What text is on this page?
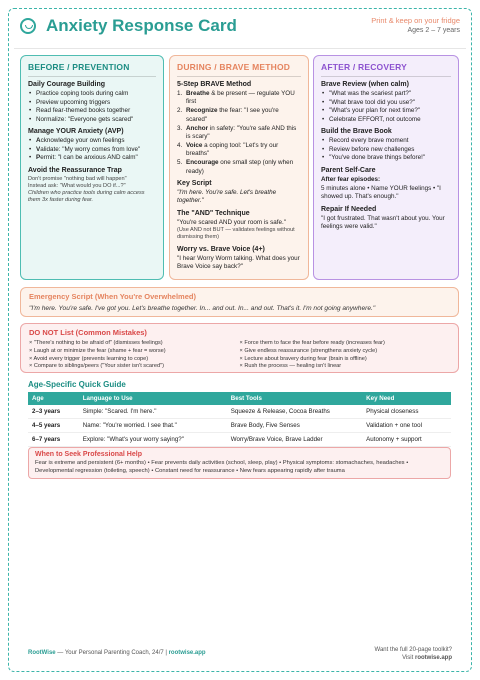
Anxiety Response Card	Print & keep on your fridge
Ages 2 – 7 years
BEFORE / PREVENTION
Daily Courage Building
• Practice coping tools during calm
• Preview upcoming triggers
• Read fear-themed books together
• Normalize: "Everyone gets scared"
Manage YOUR Anxiety (AVP)
• Acknowledge your own feelings
• Validate: "My worry comes from love"
• Permit: "I can be anxious AND calm"
Avoid the Reassurance Trap
Don't promise "nothing bad will happen"
Instead ask: "What would you DO if...?"
Children who practice tools during calm access them 3x faster during fear.
DURING / BRAVE METHOD
5-Step BRAVE Method
1. Breathe & be present — regulate YOU first
2. Recognize the fear: "I see you're scared"
3. Anchor in safety: "You're safe AND this is scary"
4. Voice a coping tool: "Let's try our breaths"
5. Encourage one small step (only when ready)
Key Script
"I'm here. You're safe. Let's breathe together."
The "AND" Technique
"You're scared AND your room is safe."
(Use AND not BUT — validates feelings without dismissing them)
Worry vs. Brave Voice (4+)
"I hear Worry Worm talking. What does your Brave Voice say back?"
AFTER / RECOVERY
Brave Review (when calm)
• "What was the scariest part?"
• "What brave tool did you use?"
• "What's your plan for next time?"
• Celebrate EFFORT, not outcome
Build the Brave Book
• Record every brave moment
• Review before new challenges
• "You've done brave things before!"
Parent Self-Care
After fear episodes:
5 minutes alone • Name YOUR feelings • "I showed up. That's enough."
Repair If Needed
"I got frustrated. That wasn't about you. Your feelings were valid."
Emergency Script (When You're Overwhelmed)
"I'm here. You're safe. I've got you. Let's breathe together. In... and out. In... and out. That's it. I'm not going anywhere."
DO NOT List (Common Mistakes)
× "There's nothing to be afraid of" (dismisses feelings)
× Laugh at or minimize the fear (shame + fear = worse)
× Avoid every trigger (prevents learning to cope)
× Compare to siblings/peers ("Your sister isn't scared")
× Force them to face the fear before ready (increases fear)
× Give endless reassurance (strengthens anxiety cycle)
× Lecture about bravery during fear (brain is offline)
× Rush the process — healing isn't linear
Age-Specific Quick Guide
Age	Language to Use	Best Tools	Key Need
2–3 years	Simple: "Scared. I'm here."	Squeeze & Release, Cocoa Breaths	Physical closeness
4–5 years	Name: "You're worried. I see that."	Brave Body, Five Senses	Validation + one tool
6–7 years	Explore: "What's your worry saying?"	Worry/Brave Voice, Brave Ladder	Autonomy + support
When to Seek Professional Help
Fear is extreme and persistent (6+ months) • Fear prevents daily activities (school, sleep, play) • Physical symptoms: stomachaches, headaches • Developmental regression (toileting, speech) • Constant need for reassurance • New fears appearing rapidly after trauma
RootWise — Your Personal Parenting Coach, 24/7 | rootwise.app	Want the full 20-page toolkit?
Visit rootwise.app
